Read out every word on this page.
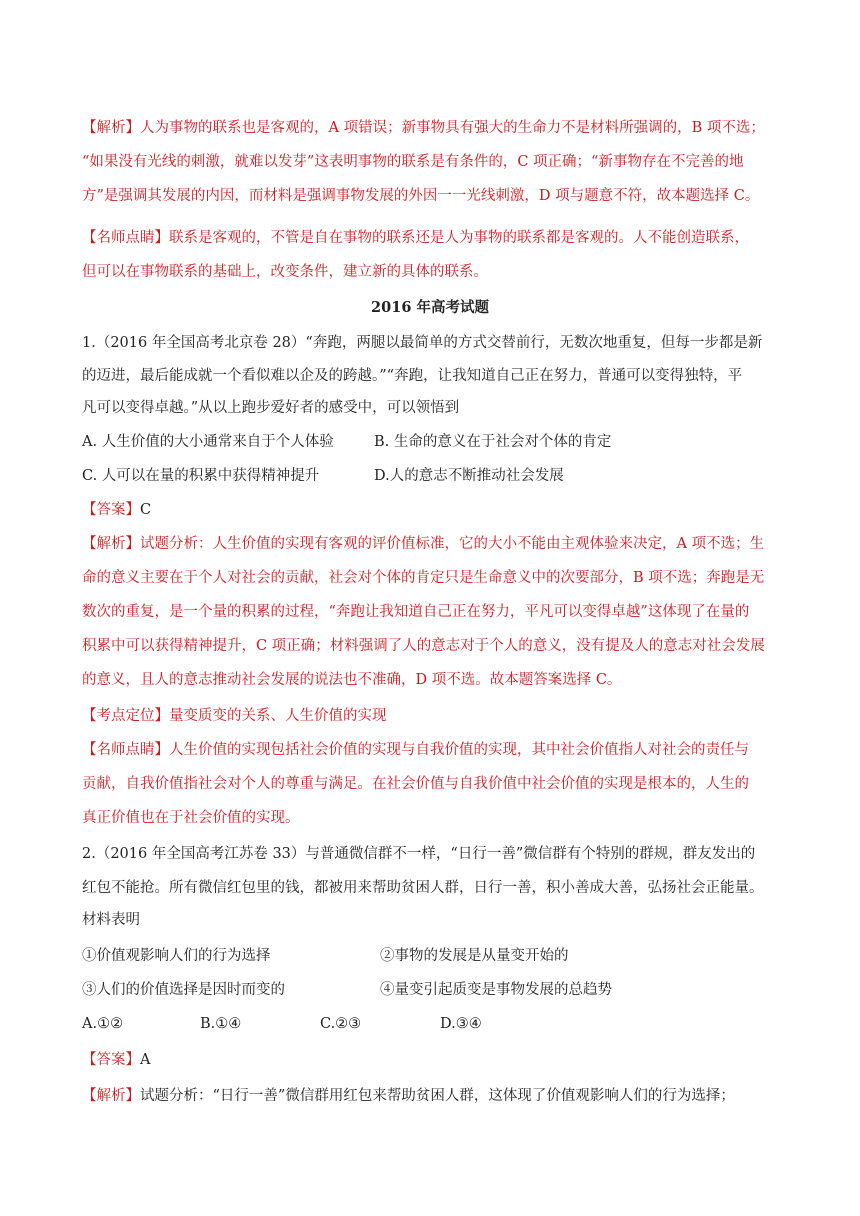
【解析】人为事物的联系也是客观的，A 项错误；新事物具有强大的生命力不是材料所强调的，B 项不选；
“如果没有光线的刺激，就难以发芽”这表明事物的联系是有条件的，C 项正确；“新事物存在不完善的地
方”是强调其发展的内因，而材料是强调事物发展的外因一一光线刺激，D 项与题意不符，故本题选择 C。
【名师点睛】联系是客观的，不管是自在事物的联系还是人为事物的联系都是客观的。人不能创造联系，
但可以在事物联系的基础上，改变条件，建立新的具体的联系。
2016 年高考试题
1.（2016 年全国高考北京卷 28）“奔跑，两腿以最简单的方式交替前行，无数次地重复，但每一步都是新
的迈进，最后能成就一个看似难以企及的跨越。”“奔跑，让我知道自己正在努力，普通可以变得独特，平
凡可以变得卓越。”从以上跑步爱好者的感受中，可以领悟到
A. 人生价值的大小通常来自于个人体验	B. 生命的意义在于社会对个体的肯定
C. 人可以在量的积累中获得精神提升	D.人的意志不断推动社会发展
【答案】C
【解析】试题分析：人生价值的实现有客观的评价值标准，它的大小不能由主观体验来决定，A 项不选；生
命的意义主要在于个人对社会的贡献，社会对个体的肯定只是生命意义中的次要部分，B 项不选；奔跑是无
数次的重复，是一个量的积累的过程，“奔跑让我知道自己正在努力，平凡可以变得卓越”这体现了在量的
积累中可以获得精神提升，C 项正确；材料强调了人的意志对于个人的意义，没有提及人的意志对社会发展
的意义，且人的意志推动社会发展的说法也不准确，D 项不选。故本题答案选择 C。
【考点定位】量变质变的关系、人生价值的实现
【名师点睛】人生价值的实现包括社会价值的实现与自我价值的实现，其中社会价值指人对社会的责任与
贡献，自我价值指社会对个人的尊重与满足。在社会价值与自我价值中社会价值的实现是根本的，人生的
真正价值也在于社会价值的实现。
2.（2016 年全国高考江苏卷 33）与普通微信群不一样，“日行一善”微信群有个特别的群规，群友发出的
红包不能抢。所有微信红包里的钱，都被用来帮助贫困人群，日行一善，积小善成大善，弘扬社会正能量。
材料表明
①价值观影响人们的行为选择	②事物的发展是从量变开始的
③人们的价值选择是因时而变的	④量变引起质变是事物发展的总趋势
A.①②	B.①④	C.②③	D.③④
【答案】A
【解析】试题分析：“日行一善”微信群用红包来帮助贫困人群，这体现了价值观影响人们的行为选择；
